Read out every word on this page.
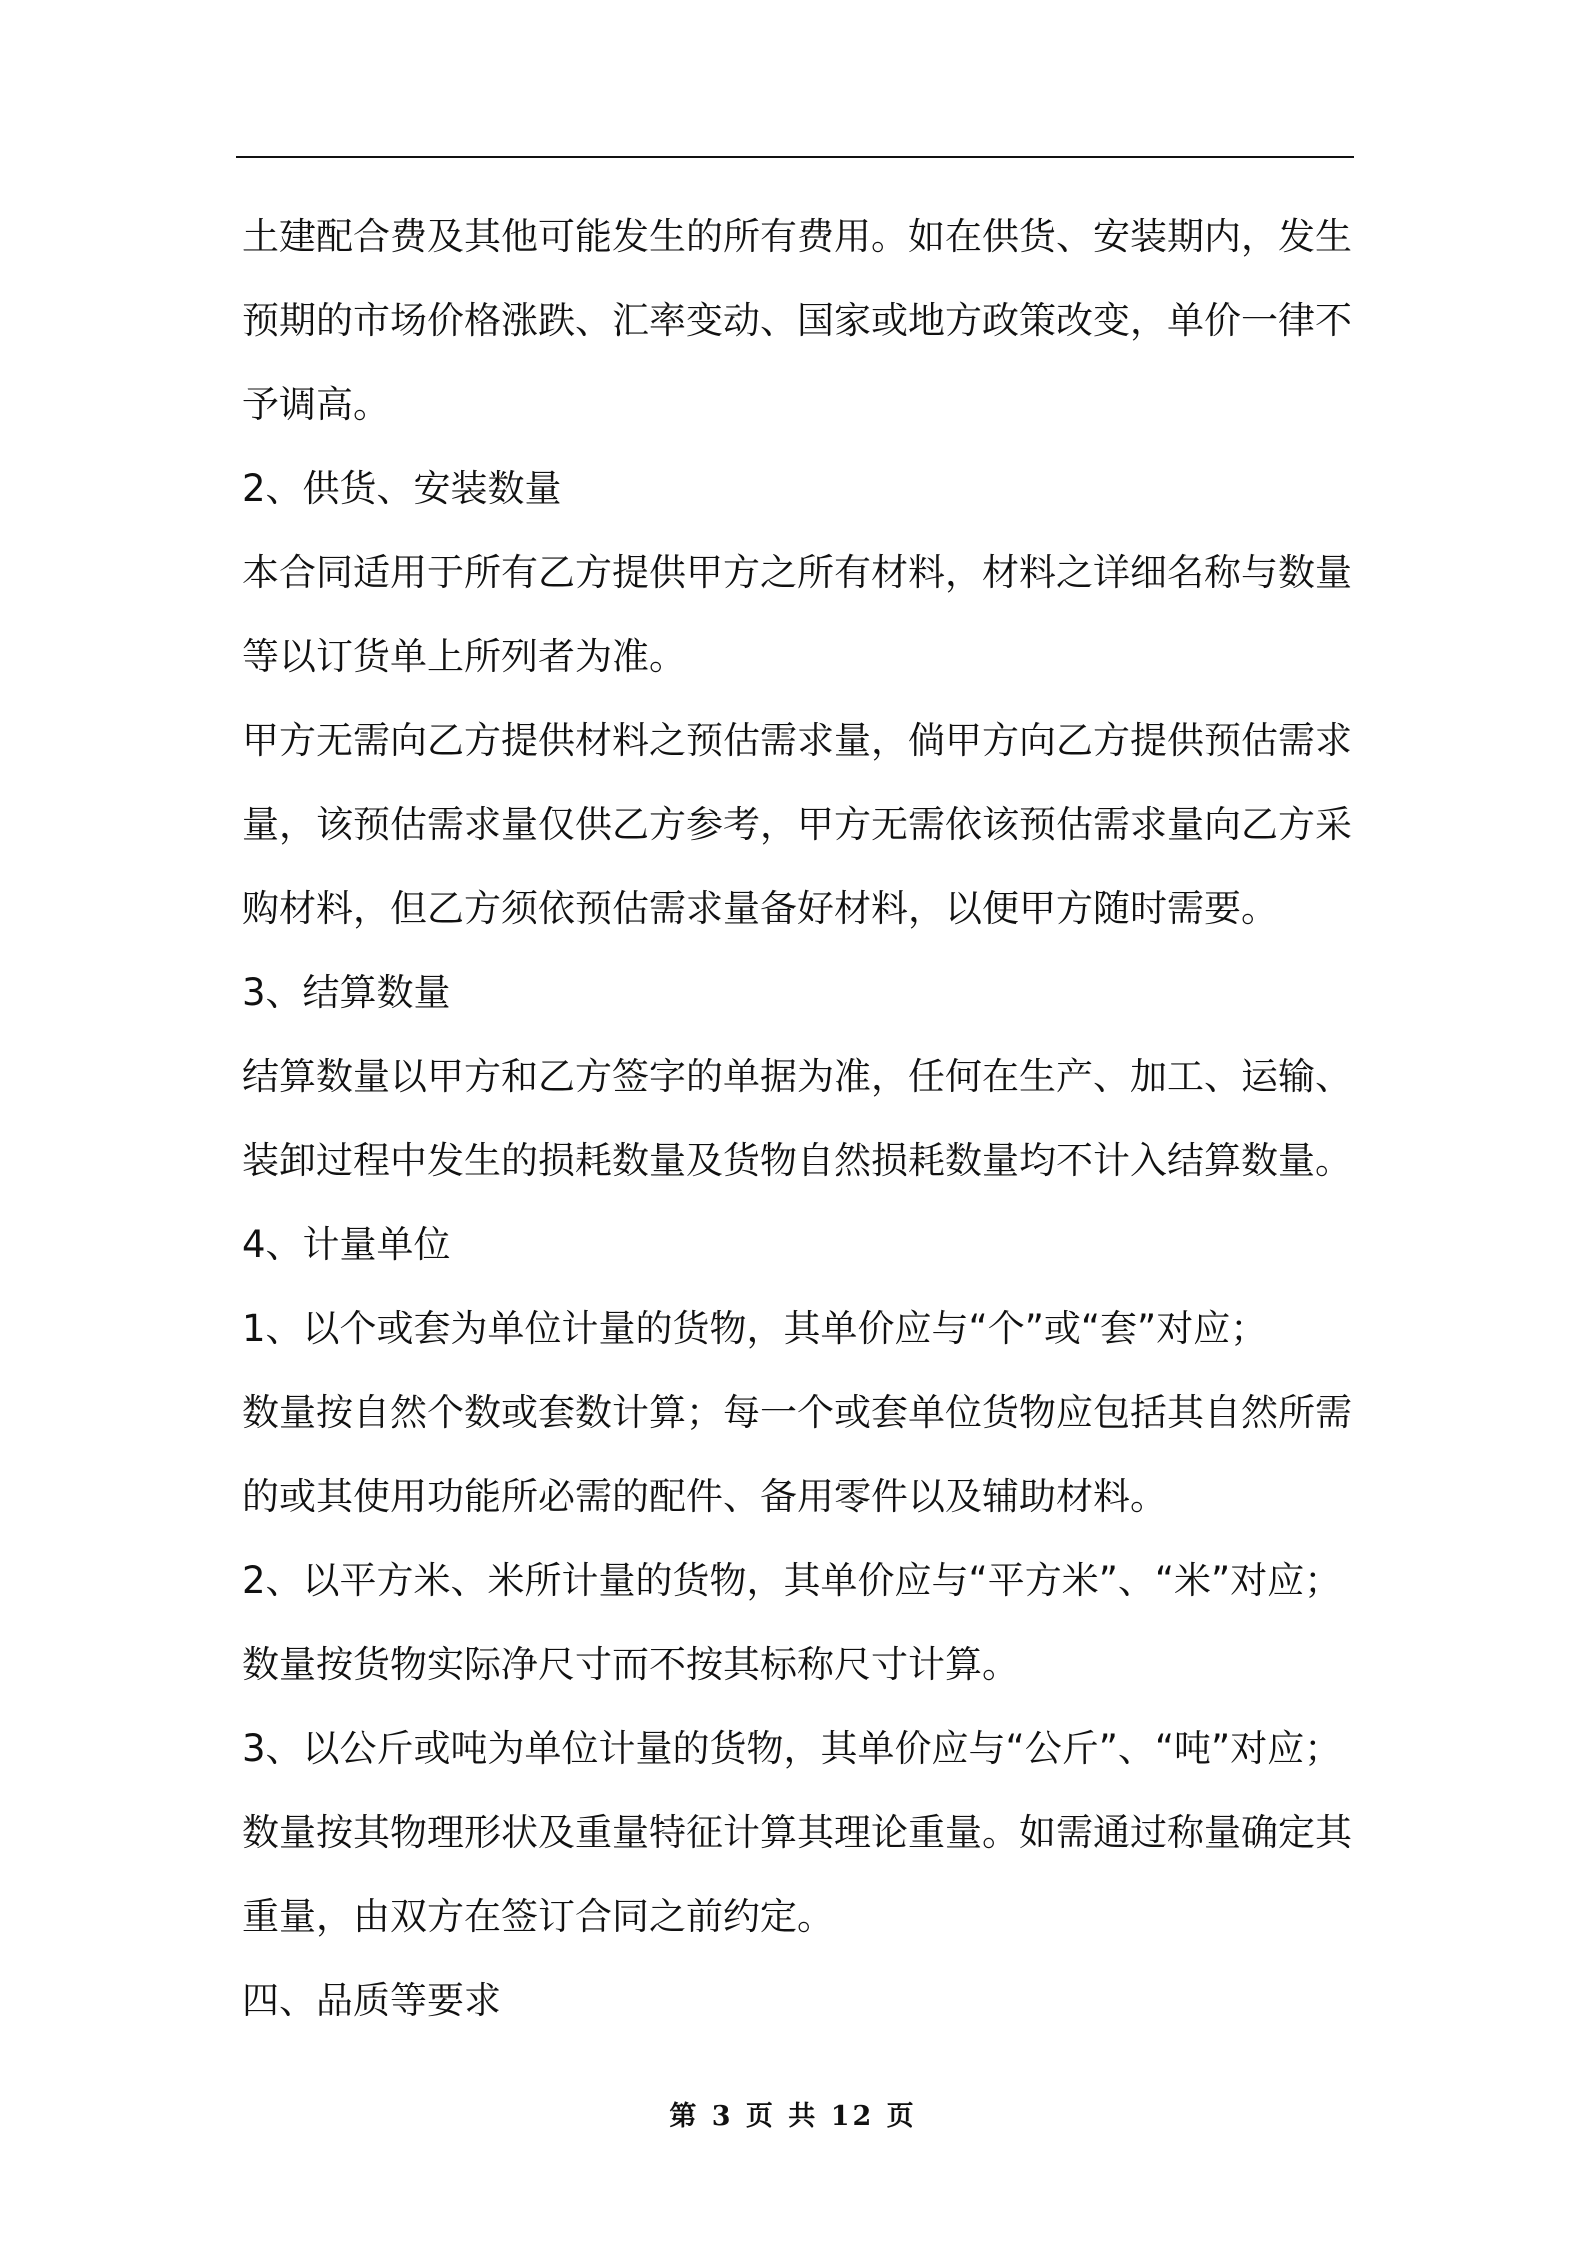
土建配合费及其他可能发生的所有费用。如在供货、安装期内，发生
预期的市场价格涨跌、汇率变动、国家或地方政策改变，单价一律不
予调高。
2、供货、安装数量
本合同适用于所有乙方提供甲方之所有材料，材料之详细名称与数量
等以订货单上所列者为准。
甲方无需向乙方提供材料之预估需求量，倘甲方向乙方提供预估需求
量，该预估需求量仅供乙方参考，甲方无需依该预估需求量向乙方采
购材料，但乙方须依预估需求量备好材料，以便甲方随时需要。
3、结算数量
结算数量以甲方和乙方签字的单据为准，任何在生产、加工、运输、
装卸过程中发生的损耗数量及货物自然损耗数量均不计入结算数量。
4、计量单位
1、以个或套为单位计量的货物，其单价应与“个”或“套”对应；
数量按自然个数或套数计算；每一个或套单位货物应包括其自然所需
的或其使用功能所必需的配件、备用零件以及辅助材料。
2、以平方米、米所计量的货物，其单价应与“平方米”、“米”对应；
数量按货物实际净尺寸而不按其标称尺寸计算。
3、以公斤或吨为单位计量的货物，其单价应与“公斤”、“吨”对应；
数量按其物理形状及重量特征计算其理论重量。如需通过称量确定其
重量，由双方在签订合同之前约定。
四、品质等要求
第 3 页 共 12 页
